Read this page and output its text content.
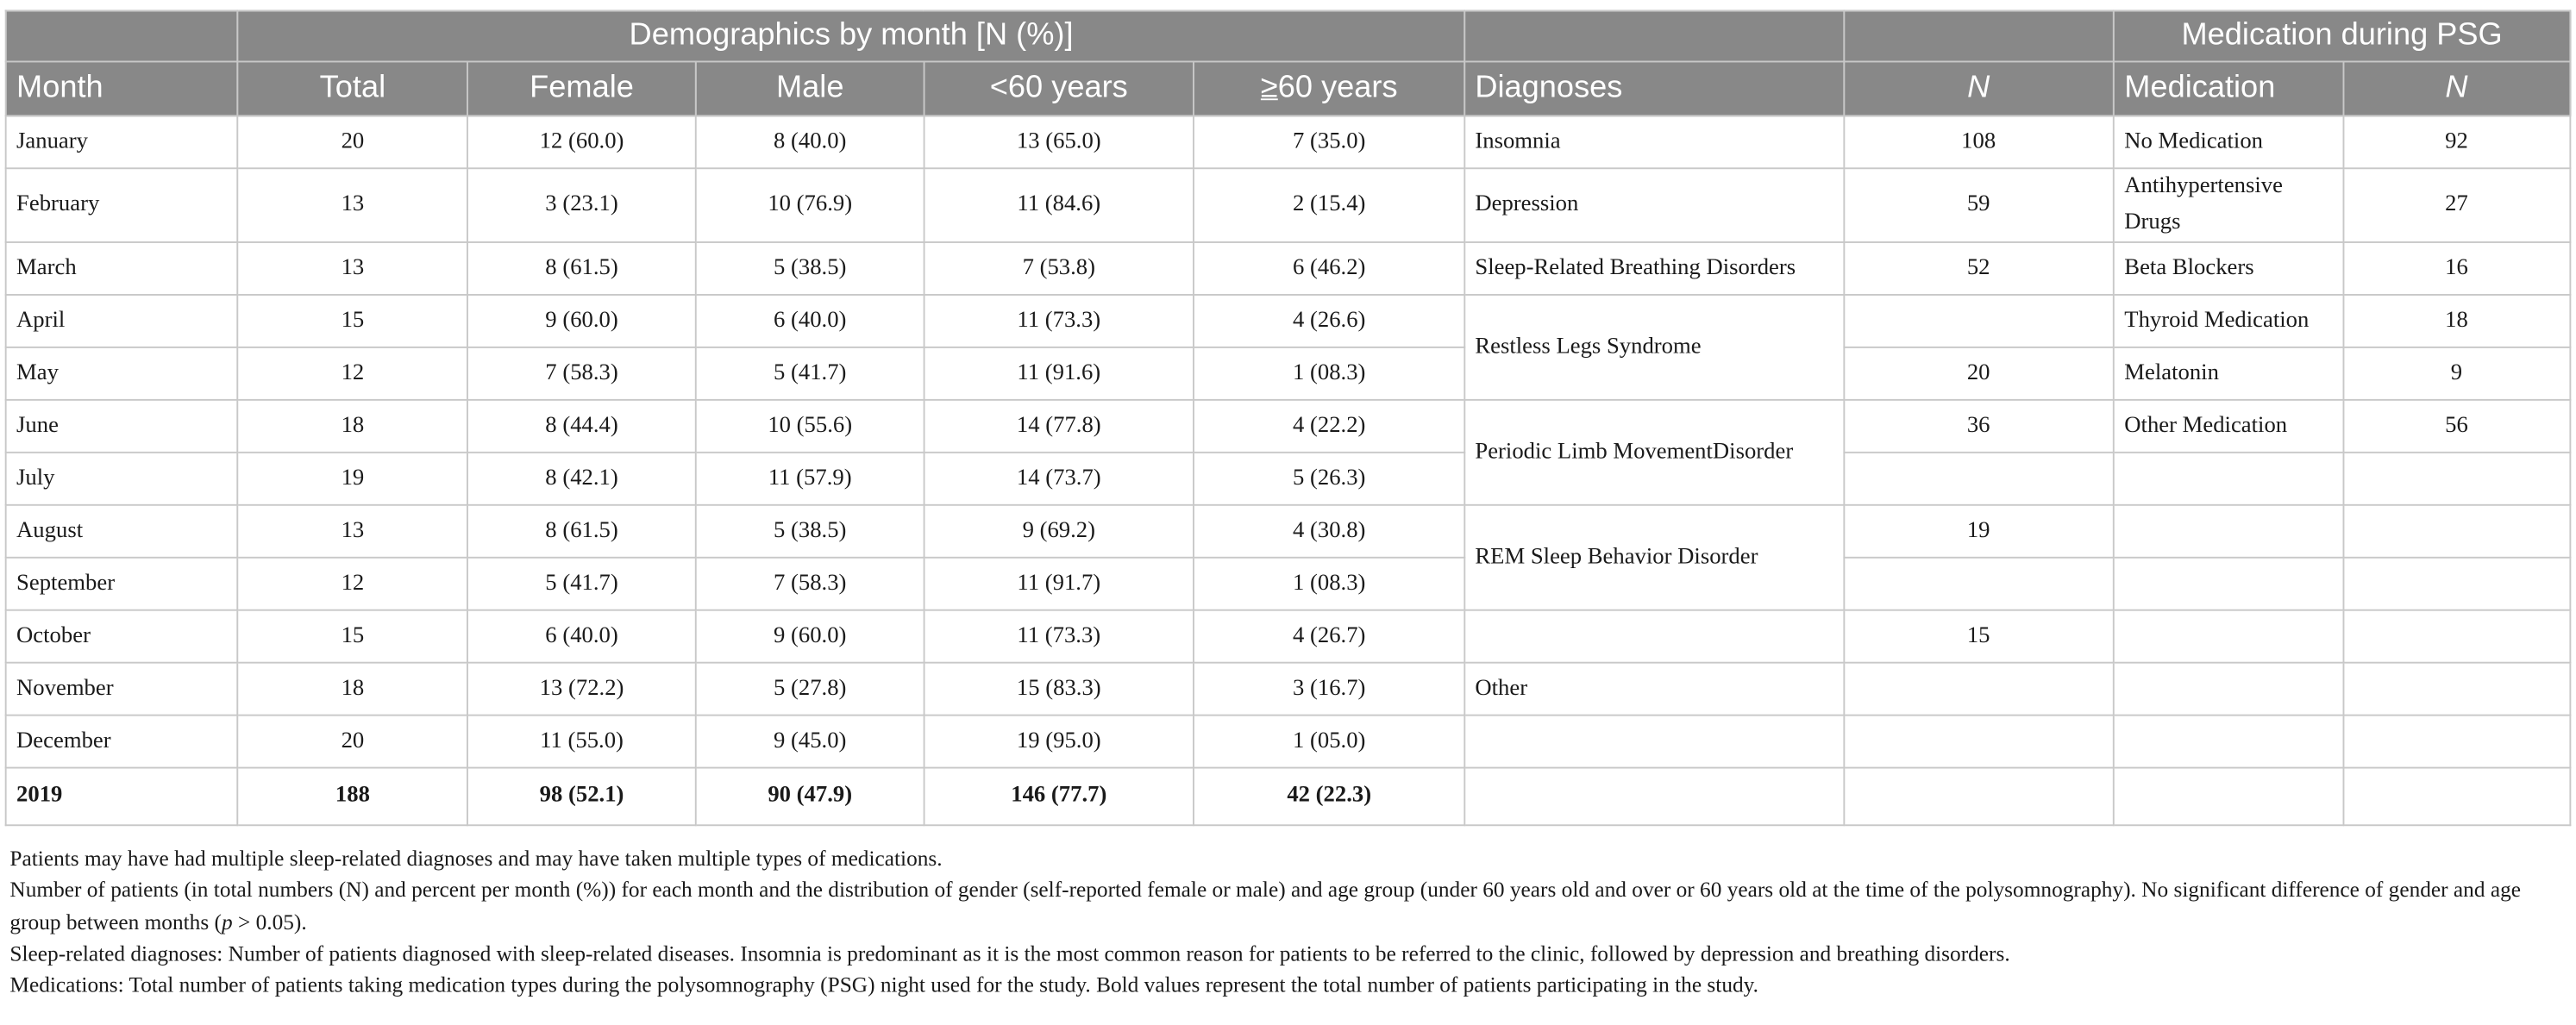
	Demographics by month [N (%)]							Medication during PSG	
Month	Total	Female	Male	<60 years	≥60 years	Diagnoses	N	Medication	N
January	20	12 (60.0)	8 (40.0)	13 (65.0)	7 (35.0)	Insomnia	108	No Medication	92
February	13	3 (23.1)	10 (76.9)	11 (84.6)	2 (15.4)	Depression	59	Antihypertensive Drugs	27
March	13	8 (61.5)	5 (38.5)	7 (53.8)	6 (46.2)	Sleep-Related Breathing Disorders	52	Beta Blockers	16
April	15	9 (60.0)	6 (40.0)	11 (73.3)	4 (26.6)	Restless Legs Syndrome		Thyroid Medication	18
May	12	7 (58.3)	5 (41.7)	11 (91.6)	1 (08.3)		20	Melatonin	9
June	18	8 (44.4)	10 (55.6)	14 (77.8)	4 (22.2)	Periodic Limb MovementDisorder	36	Other Medication	56
July	19	8 (42.1)	11 (57.9)	14 (73.7)	5 (26.3)				
August	13	8 (61.5)	5 (38.5)	9 (69.2)	4 (30.8)	REM Sleep Behavior Disorder	19		
September	12	5 (41.7)	7 (58.3)	11 (91.7)	1 (08.3)				
October	15	6 (40.0)	9 (60.0)	11 (73.3)	4 (26.7)		15		
November	18	13 (72.2)	5 (27.8)	15 (83.3)	3 (16.7)	Other			
December	20	11 (55.0)	9 (45.0)	19 (95.0)	1 (05.0)				
2019	188	98 (52.1)	90 (47.9)	146 (77.7)	42 (22.3)				
Patients may have had multiple sleep-related diagnoses and may have taken multiple types of medications.
Number of patients (in total numbers (N) and percent per month (%)) for each month and the distribution of gender (self-reported female or male) and age group (under 60 years old and over or 60 years old at the time of the polysomnography). No significant difference of gender and age group between months (p > 0.05).
Sleep-related diagnoses: Number of patients diagnosed with sleep-related diseases. Insomnia is predominant as it is the most common reason for patients to be referred to the clinic, followed by depression and breathing disorders.
Medications: Total number of patients taking medication types during the polysomnography (PSG) night used for the study. Bold values represent the total number of patients participating in the study.
